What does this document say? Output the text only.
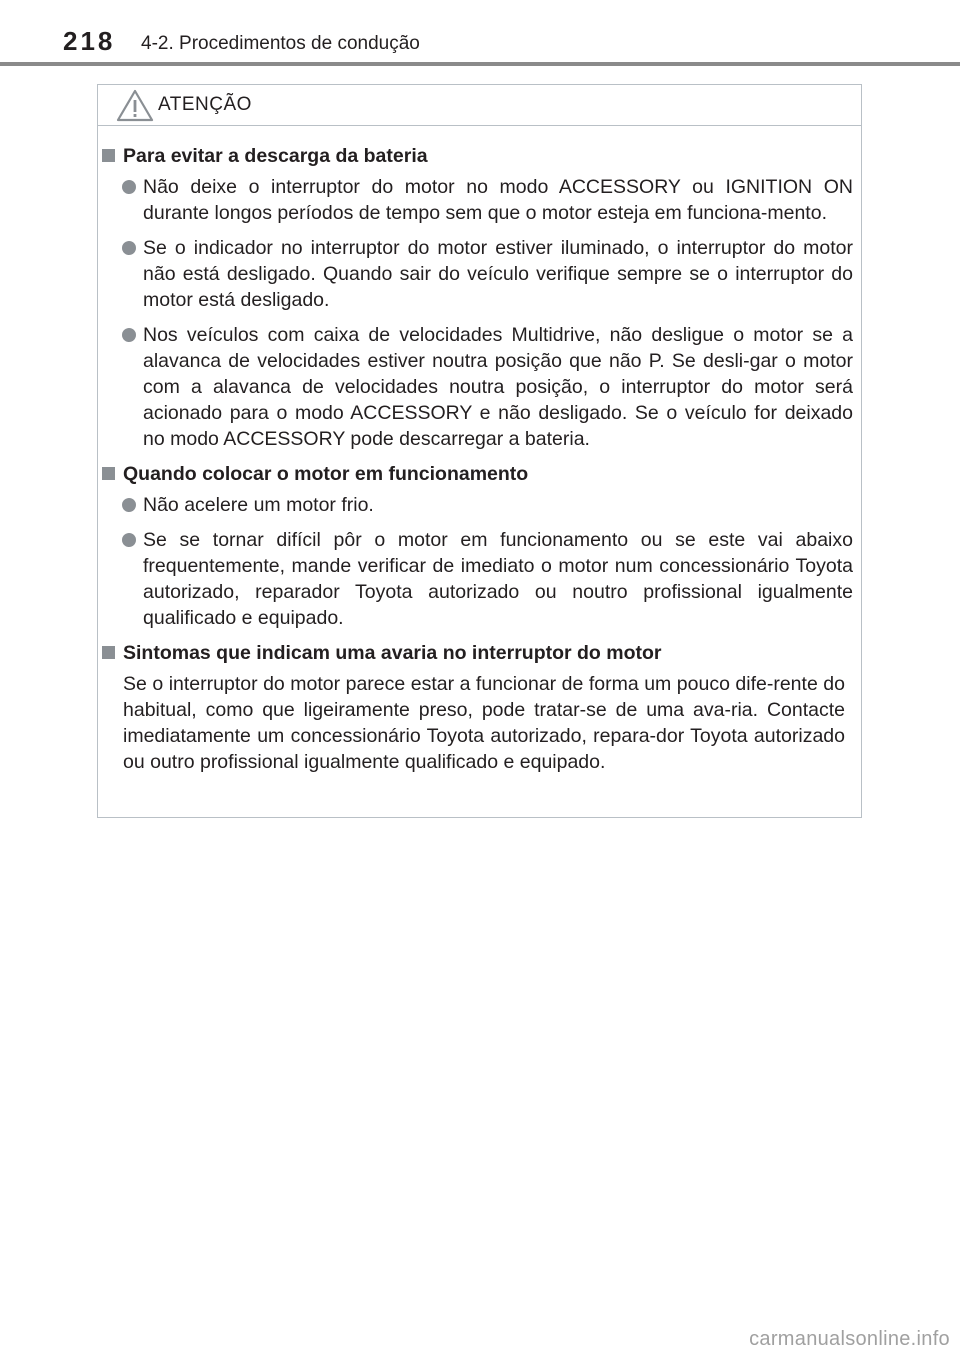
218 4-2. Procedimentos de condução
ATENÇÃO
Para evitar a descarga da bateria
Não deixe o interruptor do motor no modo ACCESSORY ou IGNITION ON durante longos períodos de tempo sem que o motor esteja em funciona-mento.
Se o indicador no interruptor do motor estiver iluminado, o interruptor do motor não está desligado. Quando sair do veículo verifique sempre se o interruptor do motor está desligado.
Nos veículos com caixa de velocidades Multidrive, não desligue o motor se a alavanca de velocidades estiver noutra posição que não P. Se desli-gar o motor com a alavanca de velocidades noutra posição, o interruptor do motor será acionado para o modo ACCESSORY e não desligado. Se o veículo for deixado no modo ACCESSORY pode descarregar a bateria.
Quando colocar o motor em funcionamento
Não acelere um motor frio.
Se se tornar difícil pôr o motor em funcionamento ou se este vai abaixo frequentemente, mande verificar de imediato o motor num concessionário Toyota autorizado, reparador Toyota autorizado ou noutro profissional igualmente qualificado e equipado.
Sintomas que indicam uma avaria no interruptor do motor
Se o interruptor do motor parece estar a funcionar de forma um pouco dife-rente do habitual, como que ligeiramente preso, pode tratar-se de uma ava-ria. Contacte imediatamente um concessionário Toyota autorizado, repara-dor Toyota autorizado ou outro profissional igualmente qualificado e equipado.
carmanualsonline.info
